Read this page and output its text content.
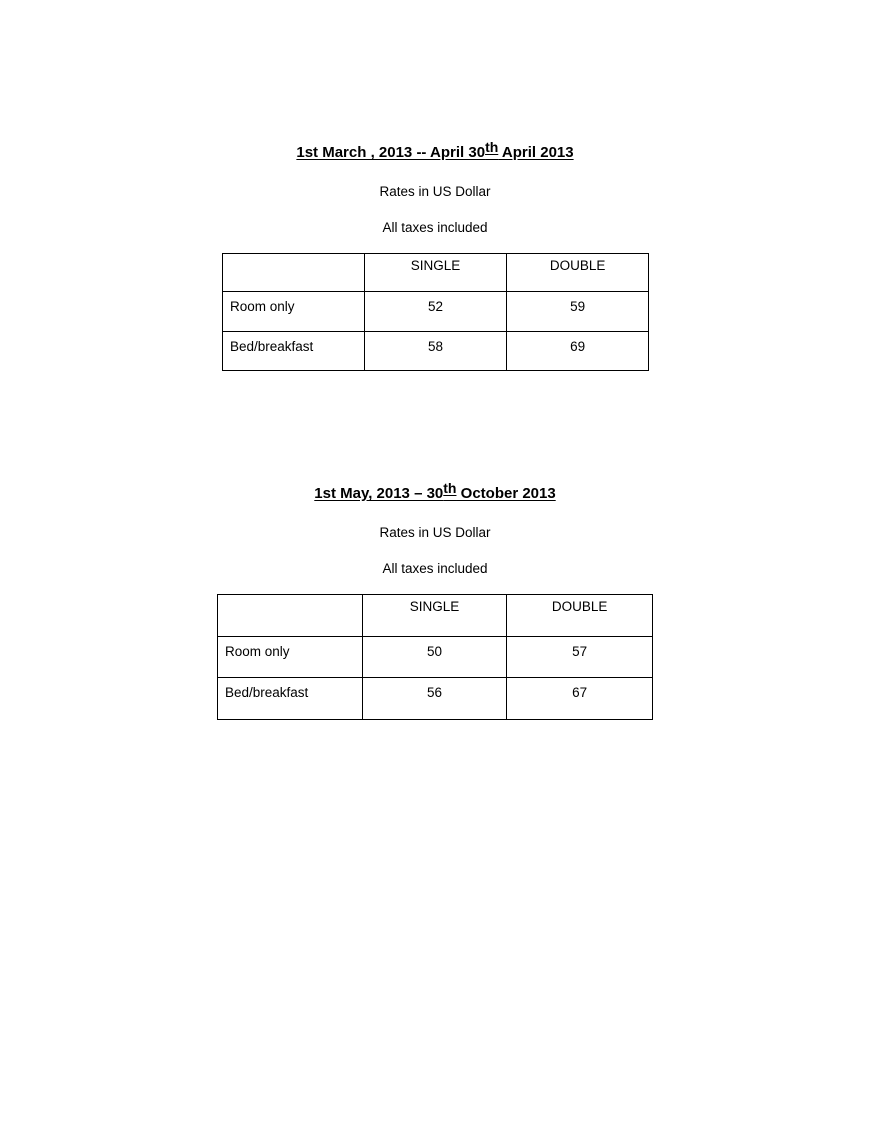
1st March , 2013 -- April 30th April 2013
Rates in US Dollar
All taxes included
	SINGLE	DOUBLE
Room only	52	59
Bed/breakfast	58	69
1st May, 2013 – 30th October 2013
Rates in US Dollar
All taxes included
	SINGLE	DOUBLE
Room only	50	57
Bed/breakfast	56	67
